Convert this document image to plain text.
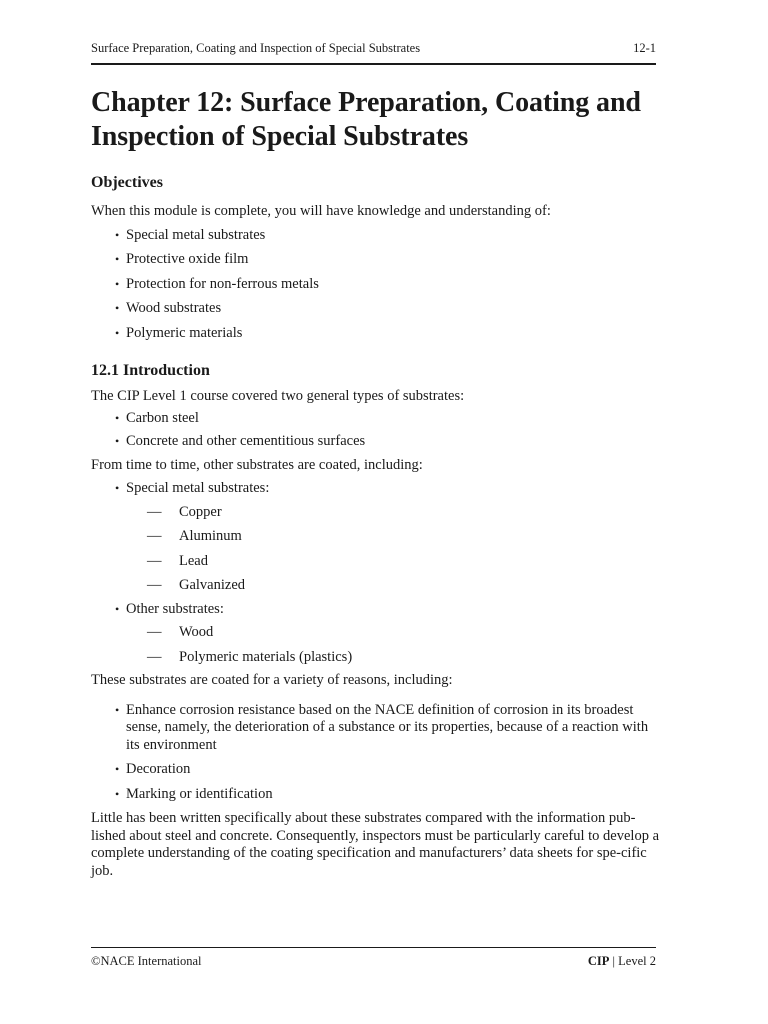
Surface Preparation, Coating and Inspection of Special Substrates	12-1
Chapter 12: Surface Preparation, Coating and Inspection of Special Substrates
Objectives

When this module is complete, you will have knowledge and understanding of:

• Special metal substrates
• Protective oxide film
• Protection for non-ferrous metals
• Wood substrates
• Polymeric materials
12.1 Introduction

The CIP Level 1 course covered two general types of substrates:

• Carbon steel
• Concrete and other cementitious surfaces

From time to time, other substrates are coated, including:

• Special metal substrates:
— Copper
— Aluminum
— Lead
— Galvanized
• Other substrates:
— Wood
— Polymeric materials (plastics)

These substrates are coated for a variety of reasons, including:

• Enhance corrosion resistance based on the NACE definition of corrosion in its broadest sense, namely, the deterioration of a substance or its properties, because of a reaction with its environment
• Decoration
• Marking or identification

Little has been written specifically about these substrates compared with the information pub-lished about steel and concrete. Consequently, inspectors must be particularly careful to develop a complete understanding of the coating specification and manufacturers’ data sheets for spe-cific job.

©NACE International	CIP | Level 2
